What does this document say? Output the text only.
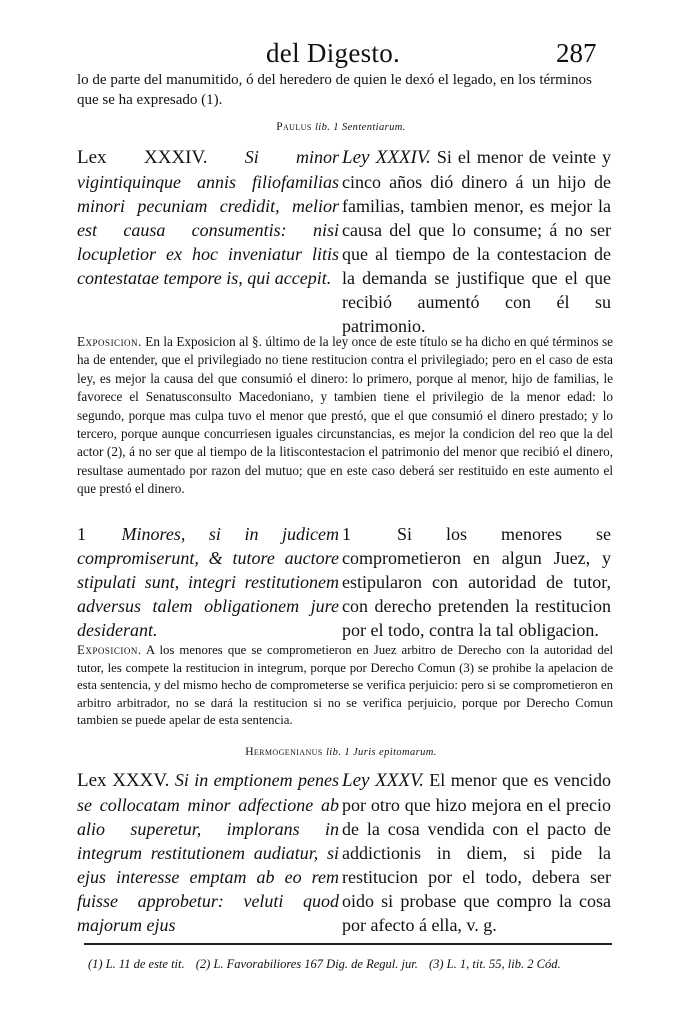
del Digesto.	287
lo de parte del manumitido, ó del heredero de quien le dexó el legado, en los términos que se ha expresado (1).
Paulus lib. 1 Sententiarum.
Lex XXXIV. Si minor vigintiquinque annis filiofamilias minori pecuniam credidit, melior est causa consumentis: nisi locupletior ex hoc inveniatur litis contestatae tempore is, qui accepit.
Ley XXXIV. Si el menor de veinte y cinco años dió dinero á un hijo de familias, tambien menor, es mejor la causa del que lo consume; á no ser que al tiempo de la contestacion de la demanda se justifique que el que recibió aumentó con él su patrimonio.
Exposicion. En la Exposicion al §. último de la ley once de este título se ha dicho en qué términos se ha de entender, que el privilegiado no tiene restitucion contra el privilegiado; pero en el caso de esta ley, es mejor la causa del que consumió el dinero: lo primero, porque al menor, hijo de familias, le favorece el Senatusconsulto Macedoniano, y tambien tiene el privilegio de la menor edad: lo segundo, porque mas culpa tuvo el menor que prestó, que el que consumió el dinero prestado; y lo tercero, porque aunque concurriesen iguales circunstancias, es mejor la condicion del reo que la del actor (2), á no ser que al tiempo de la litiscontestacion el patrimonio del menor que recibió el dinero, resultase aumentado por razon del mutuo; que en este caso deberá ser restituido en este aumento el que prestó el dinero.
1 Minores, si in judicem compromiserunt, & tutore auctore stipulati sunt, integri restitutionem adversus talem obligationem jure desiderant.
1	Si los menores se comprometieron en algun Juez, y estipularon con autoridad de tutor, con derecho pretenden la restitucion por el todo, contra la tal obligacion.
Exposicion. A los menores que se comprometieron en Juez arbitro de Derecho con la autoridad del tutor, les compete la restitucion in integrum, porque por Derecho Comun (3) se prohibe la apelacion de esta sentencia, y del mismo hecho de comprometerse se verifica perjuicio: pero si se comprometieron en arbitro arbitrador, no se dará la restitucion si no se verifica perjuicio, porque por Derecho Comun tambien se puede apelar de esta sentencia.
Hermogenianus lib. 1 Juris epitomarum.
Lex XXXV. Si in emptionem penes se collocatam minor adfectione ab alio superetur, implorans in integrum restitutionem audiatur, si ejus interesse emptam ab eo rem fuisse approbetur: veluti quod majorum ejus
Ley XXXV. El menor que es vencido por otro que hizo mejora en el precio de la cosa vendida con el pacto de addictionis in diem, si pide la restitucion por el todo, debera ser oido si probase que compro la cosa por afecto á ella, v. g.
(1) L. 11 de este tit. (2) L. Favorabiliores 167 Dig. de Regul. jur. (3) L. 1, tit. 55, lib. 2 Cód.
